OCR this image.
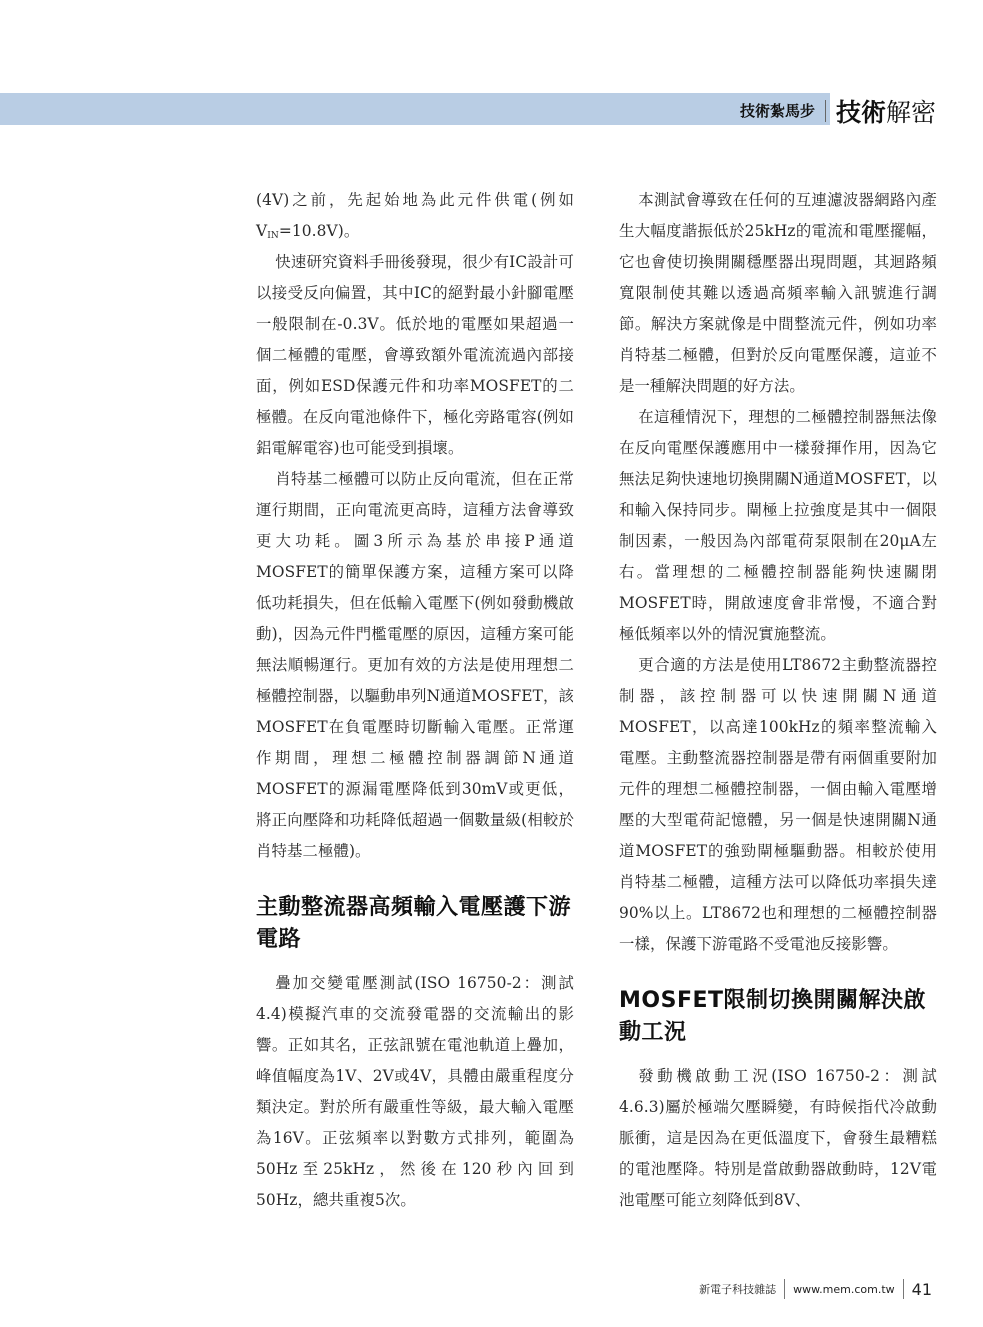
技術紮馬步 技術解密

(4V)之前，先起始地為此元件供電(例如$V_{IN}=10.8V$)。

快速研究資料手冊後發現，很少有IC設計可以接受反向偏置，其中IC的絕對最小針腳電壓一般限制在-0.3V。低於地的電壓如果超過一個二極體的電壓，會導致額外電流流過內部接面，例如ESD保護元件和功率MOSFET的二極體。在反向電池條件下，極化旁路電容(例如鋁電解電容)也可能受到損壞。

肖特基二極體可以防止反向電流，但在正常運行期間，正向電流更高時，這種方法會導致更大功耗。圖3所示為基於串接P通道MOSFET的簡單保護方案，這種方案可以降低功耗損失，但在低輸入電壓下(例如發動機啟動)，因為元件門檻電壓的原因，這種方案可能無法順暢運行。更加有效的方法是使用理想二極體控制器，以驅動串列N通道MOSFET，該MOSFET在負電壓時切斷輸入電壓。正常運作期間，理想二極體控制器調節N通道MOSFET的源漏電壓降低到30mV或更低，將正向壓降和功耗降低超過一個數量級(相較於肖特基二極體)。

主動整流器高頻輸入電壓護下游電路

疊加交變電壓測試(ISO 16750-2：測試4.4)模擬汽車的交流發電器的交流輸出的影響。正如其名，正弦訊號在電池軌道上疊加，峰值幅度為1V、2V或4V，具體由嚴重程度分類決定。對於所有嚴重性等級，最大輸入電壓為16V。正弦頻率以對數方式排列，範圍為50Hz至25kHz，然後在120秒內回到50Hz，總共重複5次。

本測試會導致在任何的互連濾波器網路內產生大幅度諧振低於25kHz的電流和電壓擺幅，它也會使切換開關穩壓器出現問題，其迴路頻寬限制使其難以透過高頻率輸入訊號進行調節。解決方案就像是中間整流元件，例如功率肖特基二極體，但對於反向電壓保護，這並不是一種解決問題的好方法。

在這種情況下，理想的二極體控制器無法像在反向電壓保護應用中一樣發揮作用，因為它無法足夠快速地切換開關N通道MOSFET，以和輸入保持同步。閘極上拉強度是其中一個限制因素，一般因為內部電荷泵限制在20μA左右。當理想的二極體控制器能夠快速關閉MOSFET時，開啟速度會非常慢，不適合對極低頻率以外的情況實施整流。

更合適的方法是使用LT8672主動整流器控制器，該控制器可以快速開關N通道MOSFET，以高達100kHz的頻率整流輸入電壓。主動整流器控制器是帶有兩個重要附加元件的理想二極體控制器，一個由輸入電壓增壓的大型電荷記憶體，另一個是快速開關N通道MOSFET的強勁閘極驅動器。相較於使用肖特基二極體，這種方法可以降低功率損失達90%以上。LT8672也和理想的二極體控制器一樣，保護下游電路不受電池反接影響。

MOSFET限制切換開關解決啟動工況

發動機啟動工況(ISO 16750-2：測試4.6.3)屬於極端欠壓瞬變，有時候指代冷啟動脈衝，這是因為在更低溫度下，會發生最糟糕的電池壓降。特別是當啟動器啟動時，12V電池電壓可能立刻降低到8V、

新電子科技雜誌 www.mem.com.tw 41
